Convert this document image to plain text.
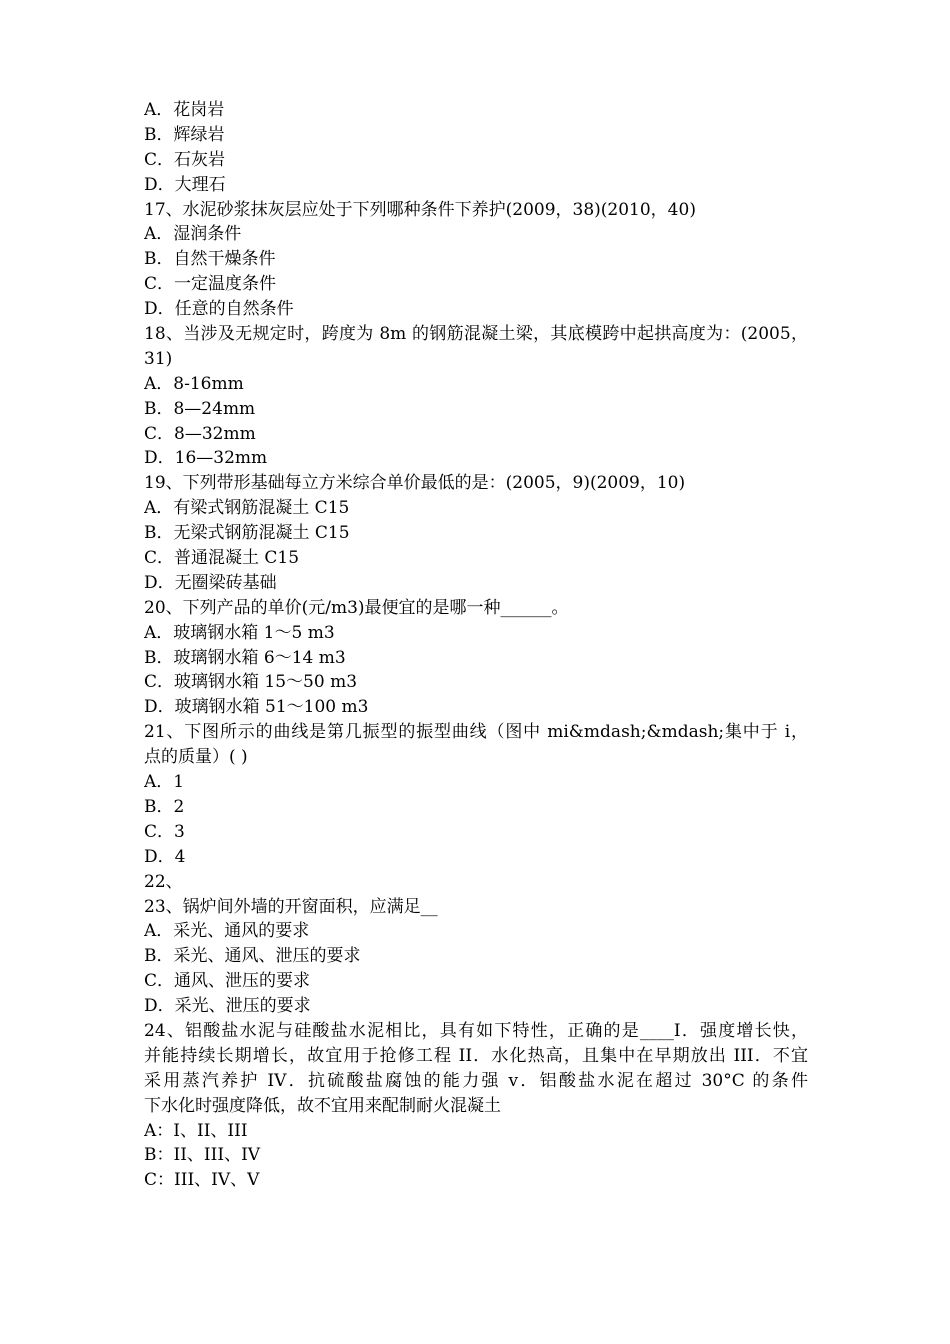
A．花岗岩
B．辉绿岩
C．石灰岩
D．大理石
17、水泥砂浆抹灰层应处于下列哪种条件下养护(2009，38)(2010，40)
A．湿润条件
B．自然干燥条件
C．一定温度条件
D．任意的自然条件
18、当涉及无规定时，跨度为 8m 的钢筋混凝土梁，其底模跨中起拱高度为：(2005，
31)
A．8-16mm
B．8—24mm
C．8—32mm
D．16—32mm
19、下列带形基础每立方米综合单价最低的是：(2005，9)(2009，10)
A．有梁式钢筋混凝土 C15
B．无梁式钢筋混凝土 C15
C．普通混凝土 C15
D．无圈梁砖基础
20、下列产品的单价(元/m3)最便宜的是哪一种______。
A．玻璃钢水箱 1～5 m3
B．玻璃钢水箱 6～14 m3
C．玻璃钢水箱 15～50 m3
D．玻璃钢水箱 51～100 m3
21、下图所示的曲线是第几振型的振型曲线（图中 mi&mdash;&mdash;集中于 i，
点的质量）( )
A．1
B．2
C．3
D．4
22、
23、锅炉间外墙的开窗面积，应满足__
A．采光、通风的要求
B．采光、通风、泄压的要求
C．通风、泄压的要求
D．采光、泄压的要求
24、铝酸盐水泥与硅酸盐水泥相比，具有如下特性，正确的是____I．强度增长快，
并能持续长期增长，故宜用于抢修工程 II．水化热高，且集中在早期放出 III．不宜
采用蒸汽养护 IV．抗硫酸盐腐蚀的能力强 v．铝酸盐水泥在超过 30°C 的条件
下水化时强度降低，故不宜用来配制耐火混凝土
A：I、II、III
B：II、III、IV
C：III、IV、V
